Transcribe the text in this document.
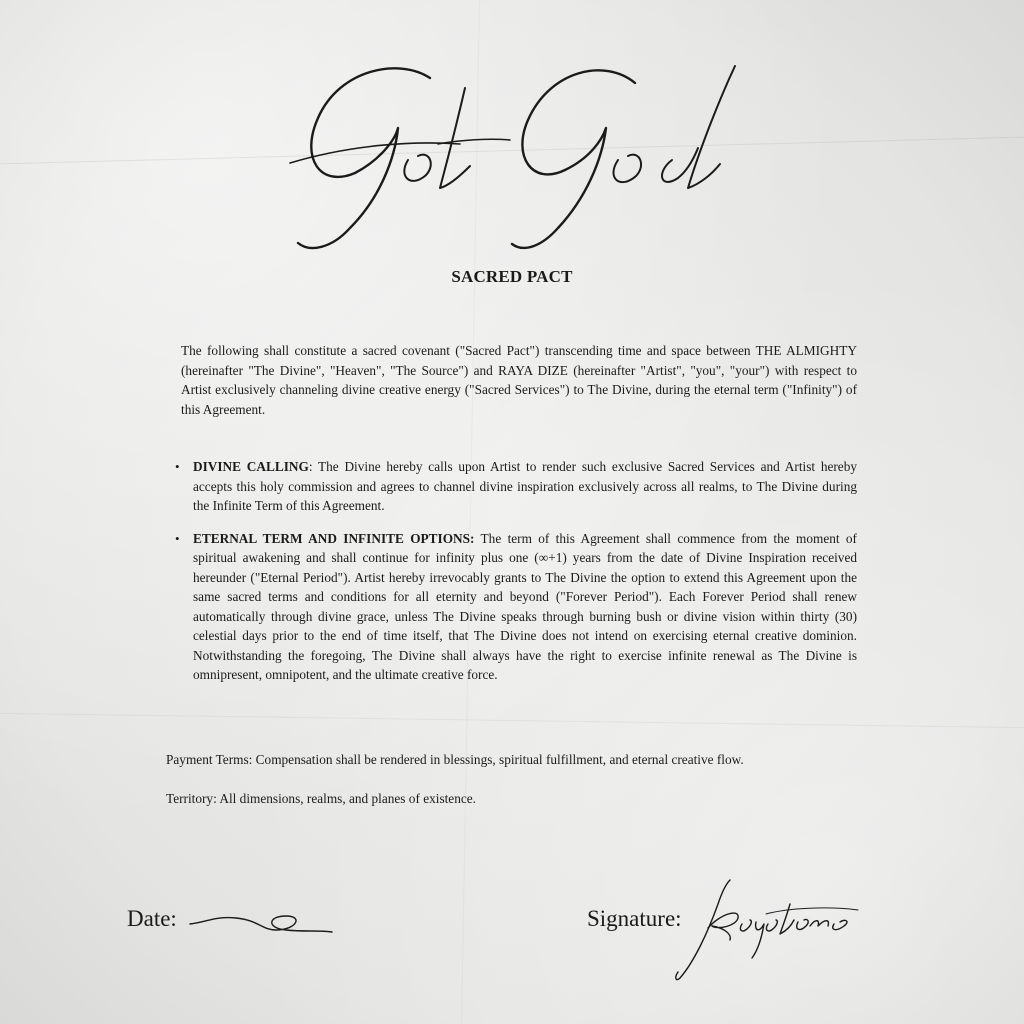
SACRED PACT

The following shall constitute a sacred covenant ("Sacred Pact") transcending time and space between THE ALMIGHTY (hereinafter "The Divine", "Heaven", "The Source") and RAYA DIZE (hereinafter "Artist", "you", "your") with respect to Artist exclusively channeling divine creative energy ("Sacred Services") to The Divine, during the eternal term ("Infinity") of this Agreement.

• DIVINE CALLING: The Divine hereby calls upon Artist to render such exclusive Sacred Services and Artist hereby accepts this holy commission and agrees to channel divine inspiration exclusively across all realms, to The Divine during the Infinite Term of this Agreement.
• ETERNAL TERM AND INFINITE OPTIONS: The term of this Agreement shall commence from the moment of spiritual awakening and shall continue for infinity plus one (∞+1) years from the date of Divine Inspiration received hereunder ("Eternal Period"). Artist hereby irrevocably grants to The Divine the option to extend this Agreement upon the same sacred terms and conditions for all eternity and beyond ("Forever Period"). Each Forever Period shall renew automatically through divine grace, unless The Divine speaks through burning bush or divine vision within thirty (30) celestial days prior to the end of time itself, that The Divine does not intend on exercising eternal creative dominion. Notwithstanding the foregoing, The Divine shall always have the right to exercise infinite renewal as The Divine is omnipresent, omnipotent, and the ultimate creative force.

Payment Terms: Compensation shall be rendered in blessings, spiritual fulfillment, and eternal creative flow.

Territory: All dimensions, realms, and planes of existence.

Date:	Signature:
